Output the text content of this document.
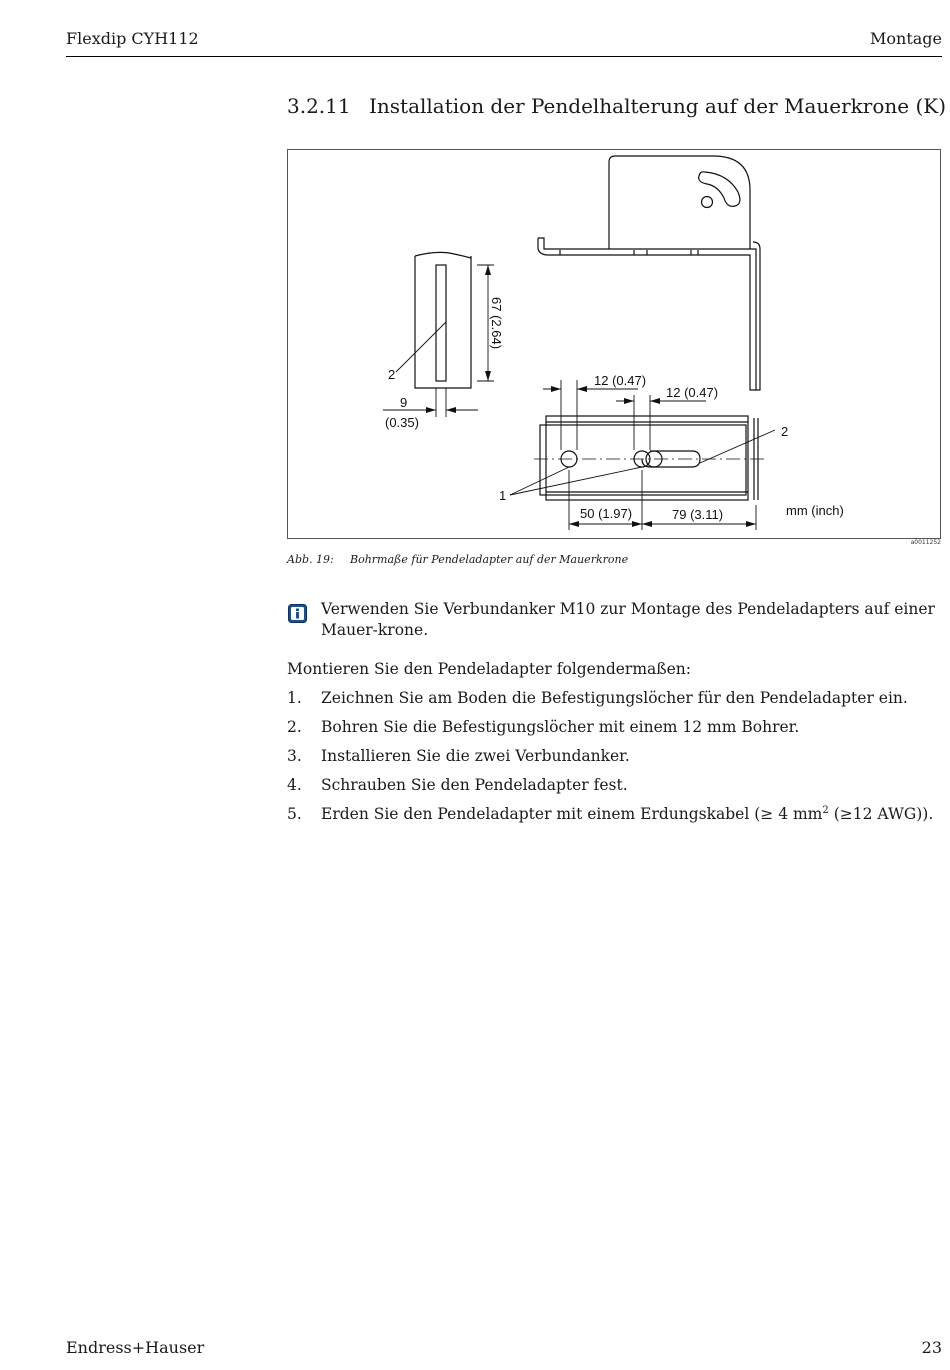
Flexdip CYH112	Montage
3.2.11 Installation der Pendelhalterung auf der Mauerkrone (K)
67 (2.64)
12 (0.47)
12 (0.47)
9
(0.35)
50 (1.97)	79 (3.11)	mm (inch)
2
2
1
a0011252
Abb. 19: Bohrmaße für Pendeladapter auf der Mauerkrone
Verwenden Sie Verbundanker M10 zur Montage des Pendeladapters auf einer Mauer-krone.
Montieren Sie den Pendeladapter folgendermaßen:
1. Zeichnen Sie am Boden die Befestigungslöcher für den Pendeladapter ein.
2. Bohren Sie die Befestigungslöcher mit einem 12 mm Bohrer.
3. Installieren Sie die zwei Verbundanker.
4. Schrauben Sie den Pendeladapter fest.
5. Erden Sie den Pendeladapter mit einem Erdungskabel (≥ 4 $mm^2$ (≥12 AWG)).
Endress+Hauser	23
